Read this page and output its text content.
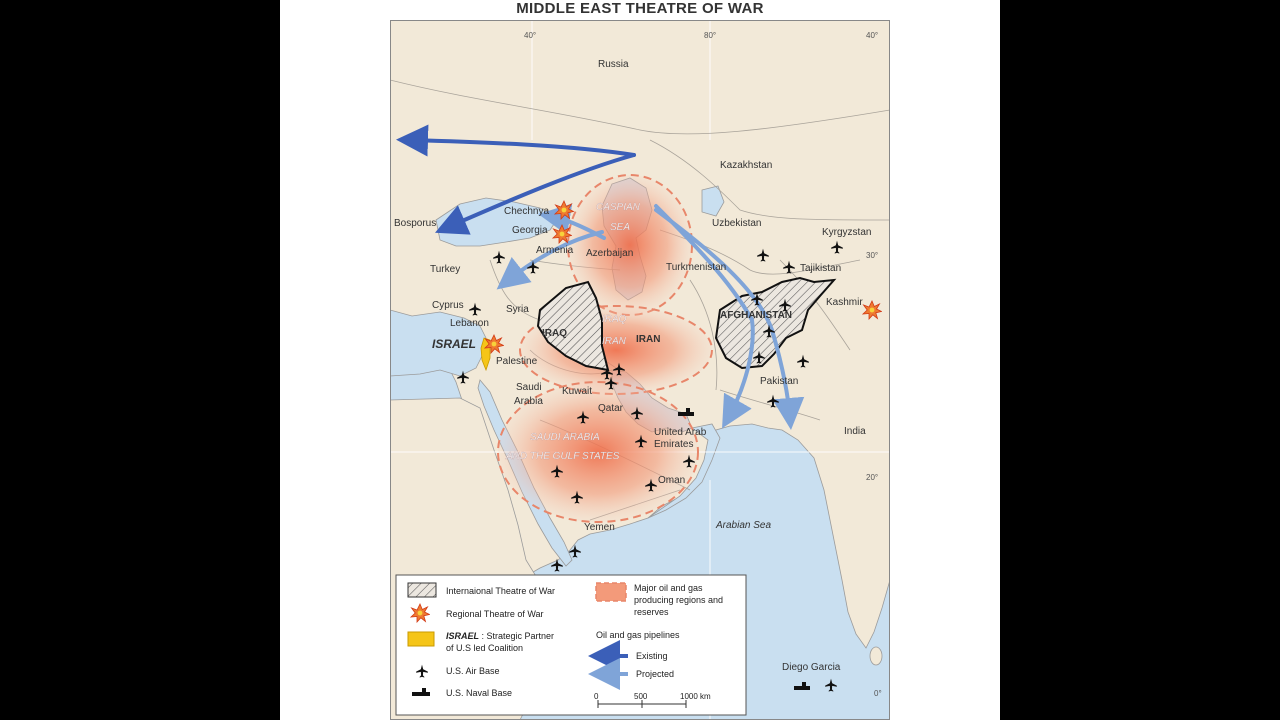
MIDDLE EAST THEATRE OF WAR
40°	80°	40°
30°
20°
0°
Russia
Kazakhstan
Uzbekistan
Kyrgyzstan
Tajikistan
Turkmenistan
Chechnya
Georgia
Armenia Azerbaijan
Bosporus
Turkey
Cyprus
Lebanon
Syria
ISRAEL
Palestine
IRAQ
IRAN
AFGHANISTAN
Kashmir
Pakistan
India
Kuwait
Saudi
Arabia
Qatar
United Arab
Emirates
Oman
Yemen
Diego Garcia
CASPIAN
SEA
IRAQ
IRAN
SAUDI ARABIA
AND THE GULF STATES
Arabian Sea
Internaional Theatre of War
Regional Theatre of War
ISRAEL : Strategic Partner
of U.S led Coalition
U.S. Air Base
U.S. Naval Base
Major oil and gas
producing regions and
reserves
Oil and gas pipelines
Existing
Projected
0	500	1000 km
